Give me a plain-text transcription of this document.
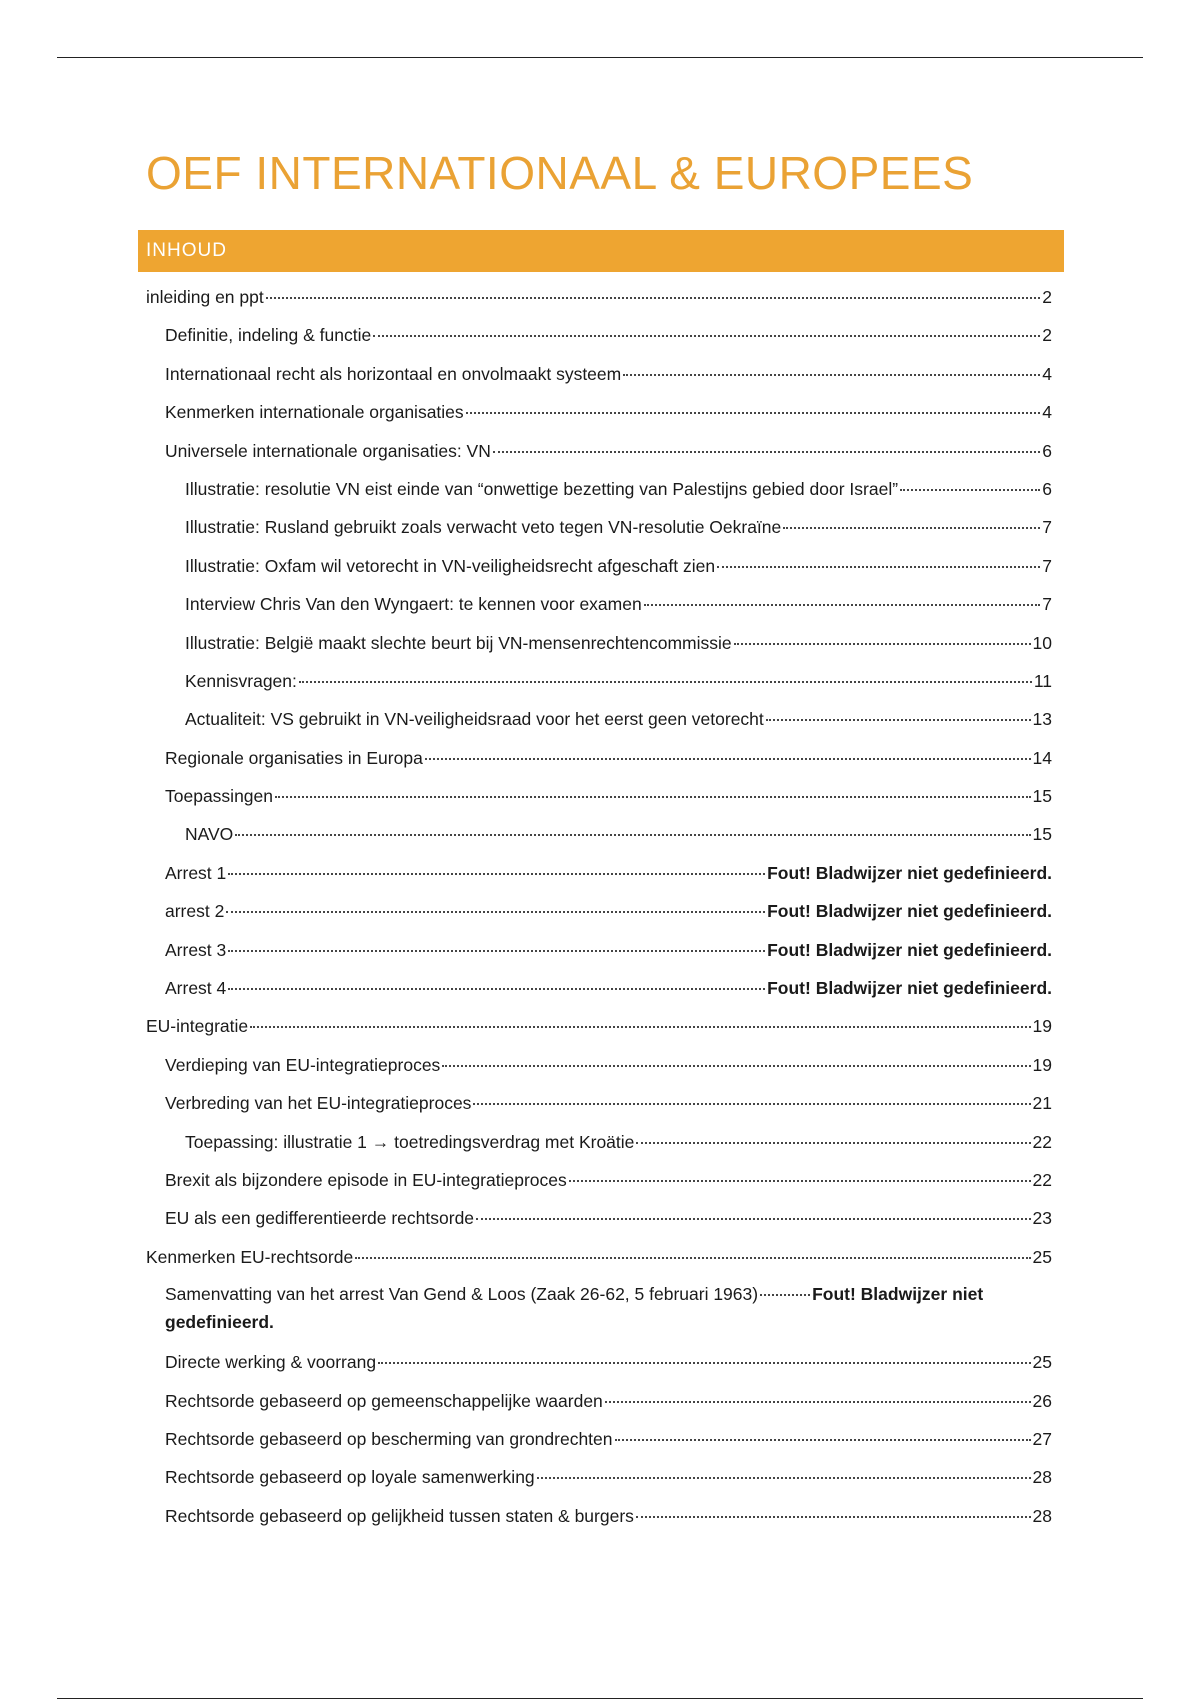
OEF INTERNATIONAAL & EUROPEES
INHOUD
inleiding en ppt	2
Definitie, indeling & functie	2
Internationaal recht als horizontaal en onvolmaakt systeem	4
Kenmerken internationale organisaties	4
Universele internationale organisaties: VN	6
Illustratie: resolutie VN eist einde van “onwettige bezetting van Palestijns gebied door Israel”	6
Illustratie: Rusland gebruikt zoals verwacht veto tegen VN-resolutie Oekraïne	7
Illustratie: Oxfam wil vetorecht in VN-veiligheidsrecht afgeschaft zien	7
Interview Chris Van den Wyngaert: te kennen voor examen	7
Illustratie: België maakt slechte beurt bij VN-mensenrechtencommissie	10
Kennisvragen:	11
Actualiteit: VS gebruikt in VN-veiligheidsraad voor het eerst geen vetorecht	13
Regionale organisaties in Europa	14
Toepassingen	15
NAVO	15
Arrest 1	Fout! Bladwijzer niet gedefinieerd.
arrest 2	Fout! Bladwijzer niet gedefinieerd.
Arrest 3	Fout! Bladwijzer niet gedefinieerd.
Arrest 4	Fout! Bladwijzer niet gedefinieerd.
EU-integratie	19
Verdieping van EU-integratieproces	19
Verbreding van het EU-integratieproces	21
Toepassing: illustratie 1 → toetredingsverdrag met Kroätie	22
Brexit als bijzondere episode in EU-integratieproces	22
EU als een gedifferentieerde rechtsorde	23
Kenmerken EU-rechtsorde	25
Samenvatting van het arrest Van Gend & Loos (Zaak 26-62, 5 februari 1963)	Fout! Bladwijzer niet gedefinieerd.
Directe werking & voorrang	25
Rechtsorde gebaseerd op gemeenschappelijke waarden	26
Rechtsorde gebaseerd op bescherming van grondrechten	27
Rechtsorde gebaseerd op loyale samenwerking	28
Rechtsorde gebaseerd op gelijkheid tussen staten & burgers	28
